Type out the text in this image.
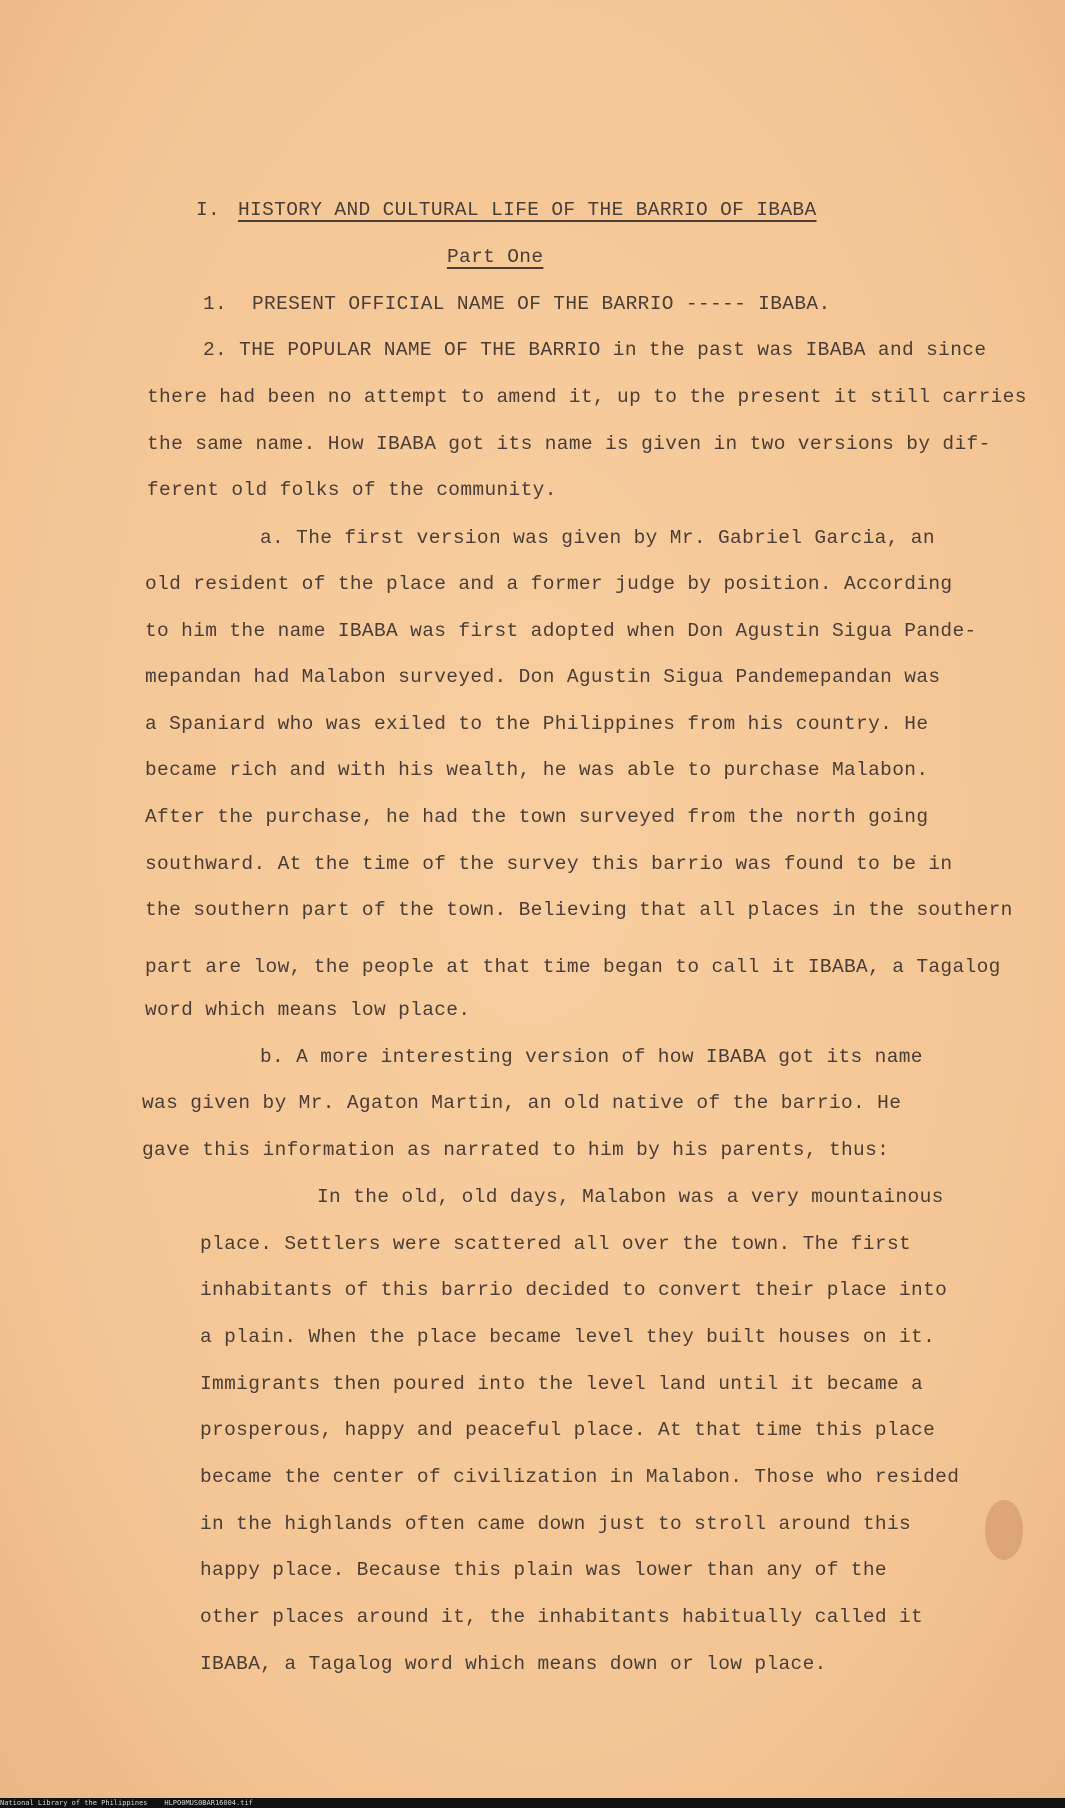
I. HISTORY AND CULTURAL LIFE OF THE BARRIO OF IBABA
Part One
1. PRESENT OFFICIAL NAME OF THE BARRIO ----- IBABA.
2. THE POPULAR NAME OF THE BARRIO in the past was IBABA and since
there had been no attempt to amend it, up to the present it still carries
the same name. How IBABA got its name is given in two versions by dif-
ferent old folks of the community.
a. The first version was given by Mr. Gabriel Garcia, an
old resident of the place and a former judge by position. According
to him the name IBABA was first adopted when Don Agustin Sigua Pande-
mepandan had Malabon surveyed. Don Agustin Sigua Pandemepandan was
a Spaniard who was exiled to the Philippines from his country. He
became rich and with his wealth, he was able to purchase Malabon.
After the purchase, he had the town surveyed from the north going
southward. At the time of the survey this barrio was found to be in
the southern part of the town. Believing that all places in the southern
part are low, the people at that time began to call it IBABA, a Tagalog
word which means low place.
b. A more interesting version of how IBABA got its name
was given by Mr. Agaton Martin, an old native of the barrio. He
gave this information as narrated to him by his parents, thus:
In the old, old days, Malabon was a very mountainous
place. Settlers were scattered all over the town. The first
inhabitants of this barrio decided to convert their place into
a plain. When the place became level they built houses on it.
Immigrants then poured into the level land until it became a
prosperous, happy and peaceful place. At that time this place
became the center of civilization in Malabon. Those who resided
in the highlands often came down just to stroll around this
happy place. Because this plain was lower than any of the
other places around it, the inhabitants habitually called it
IBABA, a Tagalog word which means down or low place.
National Library of the Philippines HLPO0MUS0BAR16004.tif
